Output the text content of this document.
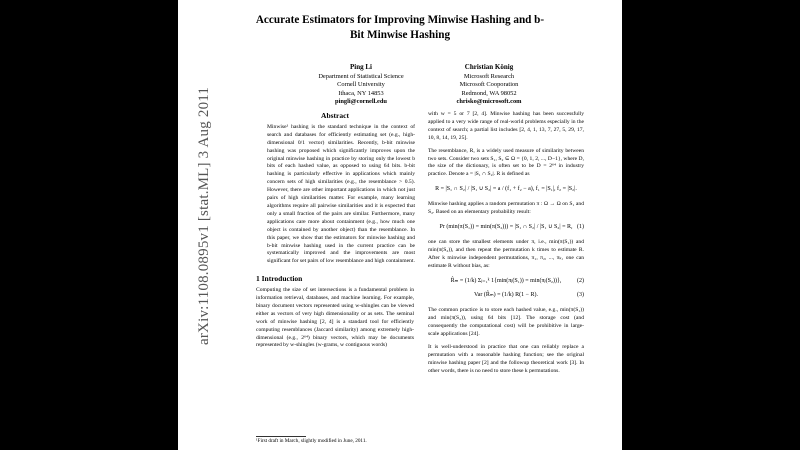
arXiv:1108.0895v1 [stat.ML] 3 Aug 2011
Accurate Estimators for Improving Minwise Hashing and b-Bit Minwise Hashing
Ping Li
Department of Statistical Science
Cornell University
Ithaca, NY 14853
pingli@cornell.edu
Christian König
Microsoft Research
Microsoft Cooporation
Redmond, WA 98052
chrisko@microsoft.com
Abstract

Minwise¹ hashing is the standard technique in the context of search and databases for efficiently estimating set (e.g., high-dimensional 0/1 vector) similarities. Recently, b-bit minwise hashing was proposed which significantly improves upon the original minwise hashing in practice by storing only the lowest b bits of each hashed value, as opposed to using 64 bits. b-bit hashing is particularly effective in applications which mainly concern sets of high similarities (e.g., the resemblance > 0.5). However, there are other important applications in which not just pairs of high similarities matter. For example, many learning algorithms require all pairwise similarities and it is expected that only a small fraction of the pairs are similar. Furthermore, many applications care more about containment (e.g., how much one object is contained by another object) than the resemblance. In this paper, we show that the estimators for minwise hashing and b-bit minwise hashing used in the current practice can be systematically improved and the improvements are most significant for set pairs of low resemblance and high containment.

1 Introduction

Computing the size of set intersections is a fundamental problem in information retrieval, databases, and machine learning. For example, binary document vectors represented using w-shingles can be viewed either as vectors of very high dimensionality or as sets. The seminal work of minwise hashing [2, 4] is a standard tool for efficiently computing resemblances (Jaccard similarity) among extremely high-dimensional (e.g., 2⁶⁴) binary vectors, which may be documents represented by w-shingles (w-grams, w contiguous words)

¹First draft in March, slightly modified in June, 2011.

with w = 5 or 7 [2, 4]. Minwise hashing has been successfully applied to a very wide range of real-world problems especially in the context of search; a partial list includes [2, 4, 1, 13, 7, 27, 5, 29, 17, 10, 8, 14, 19, 25].

The resemblance, R, is a widely used measure of similarity between two sets. Consider two sets S₁, S₂ ⊆ Ω = {0, 1, 2, ..., D−1}, where D, the size of the dictionary, is often set to be D = 2⁶⁴ in industry practice. Denote a = |S₁ ∩ S₂|. R is defined as

R = |S₁ ∩ S₂| / |S₁ ∪ S₂| = a / (f₁ + f₂ − a), f₁ = |S₁|, f₂ = |S₂|.

Minwise hashing applies a random permutation π : Ω → Ω on S₁ and S₂. Based on an elementary probability result:

Pr (min(π(S₁)) = min(π(S₂))) = |S₁ ∩ S₂| / |S₁ ∪ S₂| = R, (1)

one can store the smallest elements under π, i.e., min(π(S₁)) and min(π(S₂)), and then repeat the permutation k times to estimate R. After k minwise independent permutations, π₁, π₂, ..., πₖ, one can estimate R without bias, as:

R̂ₘ = (1/k) Σⱼ₌₁ᵏ 1{min(πⱼ(S₁)) = min(πⱼ(S₂))},	(2)
Var (R̂ₘ) = (1/k) R(1 − R).	(3)

The common practice is to store each hashed value, e.g., min(π(S₁)) and min(π(S₂)), using 64 bits [12]. The storage cost (and consequently the computational cost) will be prohibitive in large-scale applications [24].

It is well-understood in practice that one can reliably replace a permutation with a reasonable hashing function; see the original minwise hashing paper [2] and the followup theoretical work [3]. In other words, there is no need to store these k permutations.
